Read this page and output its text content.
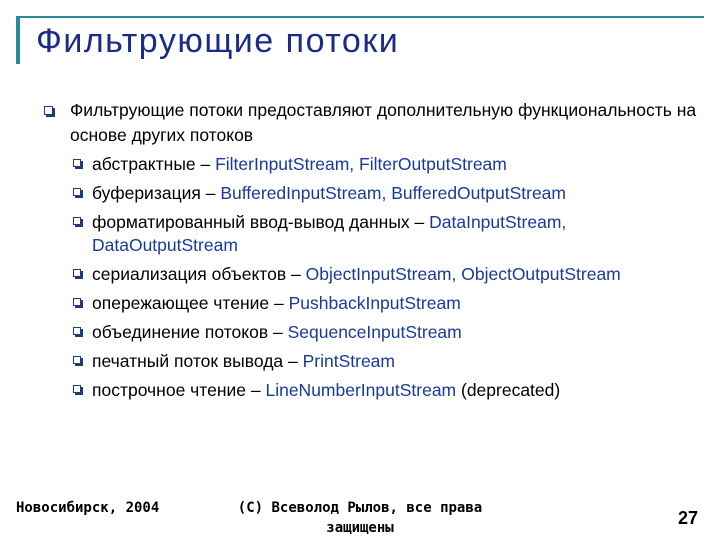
Фильтрующие потоки
Фильтрующие потоки предоставляют дополнительную функциональность на основе других потоков
абстрактные – FilterInputStream, FilterOutputStream
буферизация – BufferedInputStream, BufferedOutputStream
форматированный ввод-вывод данных – DataInputStream, DataOutputStream
сериализация объектов – ObjectInputStream, ObjectOutputStream
опережающее чтение – PushbackInputStream
объединение потоков – SequenceInputStream
печатный поток вывода – PrintStream
построчное чтение – LineNumberInputStream (deprecated)
Новосибирск, 2004	(C) Всеволод Рылов, все права защищены	27
